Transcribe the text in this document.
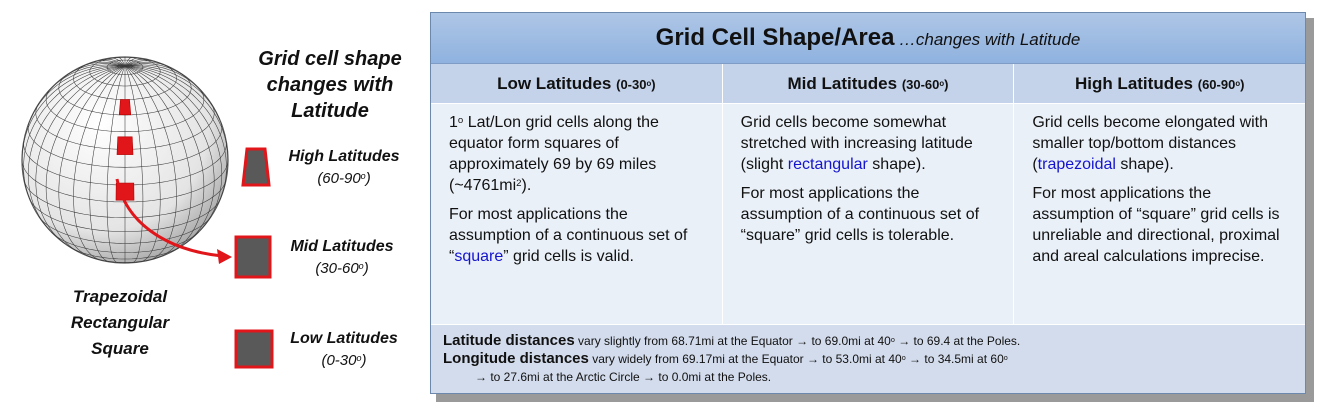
Trapezoidal
Rectangular
Square
Grid cell shape
changes with
Latitude
High Latitudes
(60-90$^o$)
Mid Latitudes
(30-60$^o$)
Low Latitudes
(0-30$^o$)
Grid Cell Shape/Area …changes with Latitude
Low Latitudes (0-30$^o$)

1$^o$ Lat/Lon grid cells along the equator form squares of approximately 69 by 69 miles $(\sim 4761mi^2)$.

For most applications the assumption of a continuous set of “square” grid cells is valid.

Mid Latitudes (30-60$^o$)

Grid cells become somewhat stretched with increasing latitude (slight rectangular shape).

For most applications the assumption of a continuous set of “square” grid cells is tolerable.

High Latitudes (60-90$^o$)

Grid cells become elongated with smaller top/bottom distances (trapezoidal shape).

For most applications the assumption of “square” grid cells is unreliable and directional, proximal and areal calculations imprecise.

Latitude distances vary slightly from 68.71mi at the Equator → to 69.0mi at $40^o$ → to 69.4 at the Poles.
Longitude distances vary widely from 69.17mi at the Equator → to 53.0mi at $40^o$ → to 34.5mi at $60^o$
→ to 27.6mi at the Arctic Circle → to 0.0mi at the Poles.
